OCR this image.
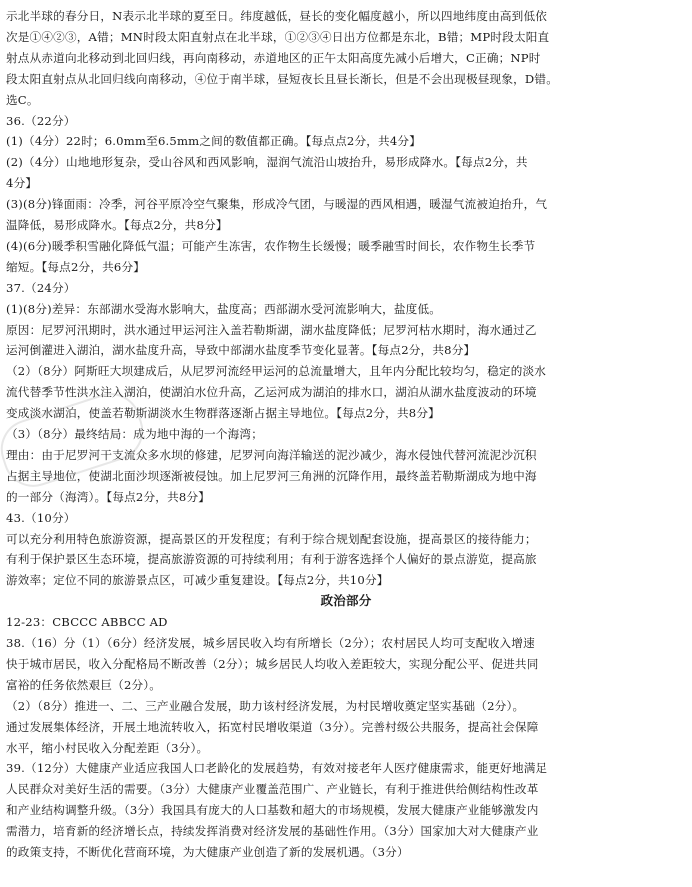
示北半球的春分日，N表示北半球的夏至日。纬度越低，昼长的变化幅度越小，所以四地纬度由高到低依
次是①④②③，A错；MN时段太阳直射点在北半球，①②③④日出方位都是东北，B错；MP时段太阳直
射点从赤道向北移动到北回归线，再向南移动，赤道地区的正午太阳高度先减小后增大，C正确；NP时
段太阳直射点从北回归线向南移动，④位于南半球，昼短夜长且昼长渐长，但是不会出现极昼现象，D错。
选C。
36.（22分）
(1)（4分）22时；6.0mm至6.5mm之间的数值都正确。【每点点2分，共4分】
(2)（4分）山地地形复杂，受山谷风和西风影响，湿润气流沿山坡抬升，易形成降水。【每点2分，共
4分】
(3)(8分)锋面雨：冷季，河谷平原冷空气聚集，形成冷气团，与暖湿的西风相遇，暖湿气流被迫抬升，气
温降低，易形成降水。【每点2分，共8分】
(4)(6分)暖季积雪融化降低气温；可能产生冻害，农作物生长缓慢；暖季融雪时间长，农作物生长季节
缩短。【每点2分，共6分】
37.（24分）
(1)(8分)差异：东部湖水受海水影响大，盐度高；西部湖水受河流影响大，盐度低。
原因：尼罗河汛期时，洪水通过甲运河注入盖若勒斯湖，湖水盐度降低；尼罗河枯水期时，海水通过乙
运河倒灌进入湖泊，湖水盐度升高，导致中部湖水盐度季节变化显著。【每点2分，共8分】
（2）（8分）阿斯旺大坝建成后，从尼罗河流经甲运河的总流量增大，且年内分配比较均匀，稳定的淡水
流代替季节性洪水注入湖泊，使湖泊水位升高，乙运河成为湖泊的排水口，湖泊从湖水盐度波动的环境
变成淡水湖泊，使盖若勒斯湖淡水生物群落逐渐占据主导地位。【每点2分，共8分】
（3）（8分）最终结局：成为地中海的一个海湾；
理由：由于尼罗河干支流众多水坝的修建，尼罗河向海洋输送的泥沙减少，海水侵蚀代替河流泥沙沉积
占据主导地位，使湖北面沙坝逐渐被侵蚀。加上尼罗河三角洲的沉降作用，最终盖若勒斯湖成为地中海
的一部分（海湾）。【每点2分，共8分】
43.（10分）
可以充分利用特色旅游资源，提高景区的开发程度；有利于综合规划配套设施，提高景区的接待能力；
有利于保护景区生态环境，提高旅游资源的可持续利用；有利于游客选择个人偏好的景点游览，提高旅
游效率；定位不同的旅游景点区，可减少重复建设。【每点2分，共10分】
政治部分
12-23：CBCCC ABBCC AD
38.（16）分（1）（6分）经济发展，城乡居民收入均有所增长（2分）；农村居民人均可支配收入增速
快于城市居民，收入分配格局不断改善（2分）；城乡居民人均收入差距较大，实现分配公平、促进共同
富裕的任务依然艰巨（2分）。
（2）（8分）推进一、二、三产业融合发展，助力该村经济发展，为村民增收奠定坚实基础（2分）。
通过发展集体经济，开展土地流转收入，拓宽村民增收渠道（3分）。完善村级公共服务，提高社会保障
水平，缩小村民收入分配差距（3分）。
39.（12分）大健康产业适应我国人口老龄化的发展趋势，有效对接老年人医疗健康需求，能更好地满足
人民群众对美好生活的需要。（3分）大健康产业覆盖范围广、产业链长，有利于推进供给侧结构性改革
和产业结构调整升级。（3分）我国具有庞大的人口基数和超大的市场规模，发展大健康产业能够激发内
需潜力，培育新的经济增长点，持续发挥消费对经济发展的基础性作用。（3分）国家加大对大健康产业
的政策支持，不断优化营商环境，为大健康产业创造了新的发展机遇。（3分）
